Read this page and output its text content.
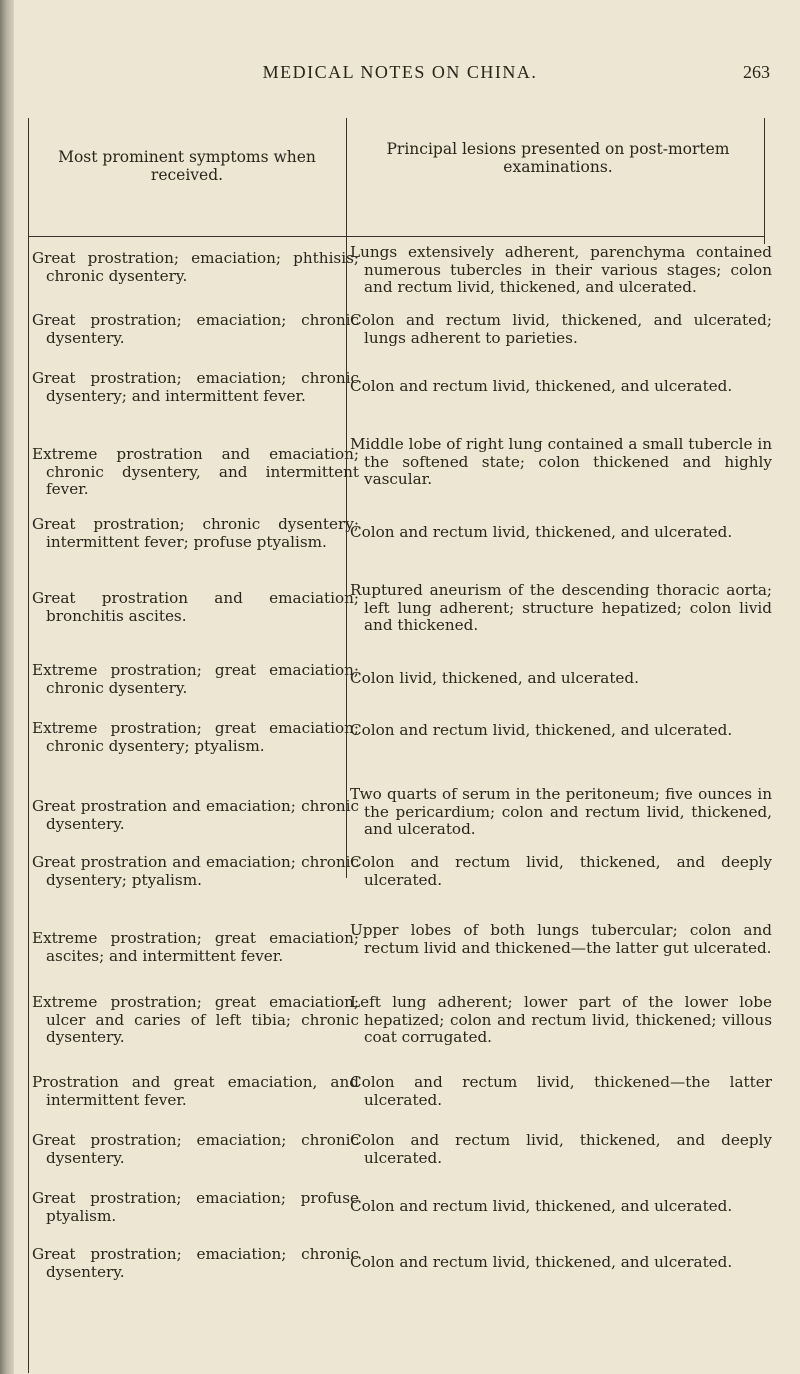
MEDICAL NOTES ON CHINA.	263
Most prominent symptoms when received.
Principal lesions presented on post-mortem examinations.
Great prostration; emaciation; phthisis; chronic dysentery.
Lungs extensively adherent, parenchyma contained numerous tubercles in their various stages; colon and rectum livid, thickened, and ulcerated.
Great prostration; emaciation; chronic dysentery.
Colon and rectum livid, thickened, and ulcerated; lungs adherent to parieties.
Great prostration; emaciation; chronic dysentery; and intermittent fever.
Colon and rectum livid, thickened, and ulcerated.
Extreme prostration and emaciation; chronic dysentery, and intermittent fever.
Middle lobe of right lung contained a small tubercle in the softened state; colon thickened and highly vascular.
Great prostration; chronic dysentery; intermittent fever; profuse ptyalism.
Colon and rectum livid, thickened, and ulcerated.
Great prostration and emaciation; bronchitis ascites.
Ruptured aneurism of the descending thoracic aorta; left lung adherent; structure hepatized; colon livid and thickened.
Extreme prostration; great emaciation; chronic dysentery.
Colon livid, thickened, and ulcerated.
Extreme prostration; great emaciation; chronic dysentery; ptyalism.
Colon and rectum livid, thickened, and ulcerated.
Great prostration and emaciation; chronic dysentery.
Two quarts of serum in the peritoneum; five ounces in the pericardium; colon and rectum livid, thickened, and ulceratod.
Great prostration and emaciation; chronic dysentery; ptyalism.
Colon and rectum livid, thickened, and deeply ulcerated.
Extreme prostration; great emaciation; ascites; and intermittent fever.
Upper lobes of both lungs tubercular; colon and rectum livid and thickened—the latter gut ulcerated.
Extreme prostration; great emaciation; ulcer and caries of left tibia; chronic dysentery.
Left lung adherent; lower part of the lower lobe hepatized; colon and rectum livid, thickened; villous coat corrugated.
Prostration and great emaciation, and intermittent fever.
Colon and rectum livid, thickened—the latter ulcerated.
Great prostration; emaciation; chronic dysentery.
Colon and rectum livid, thickened, and deeply ulcerated.
Great prostration; emaciation; profuse ptyalism.
Colon and rectum livid, thickened, and ulcerated.
Great prostration; emaciation; chronic dysentery.
Colon and rectum livid, thickened, and ulcerated.
